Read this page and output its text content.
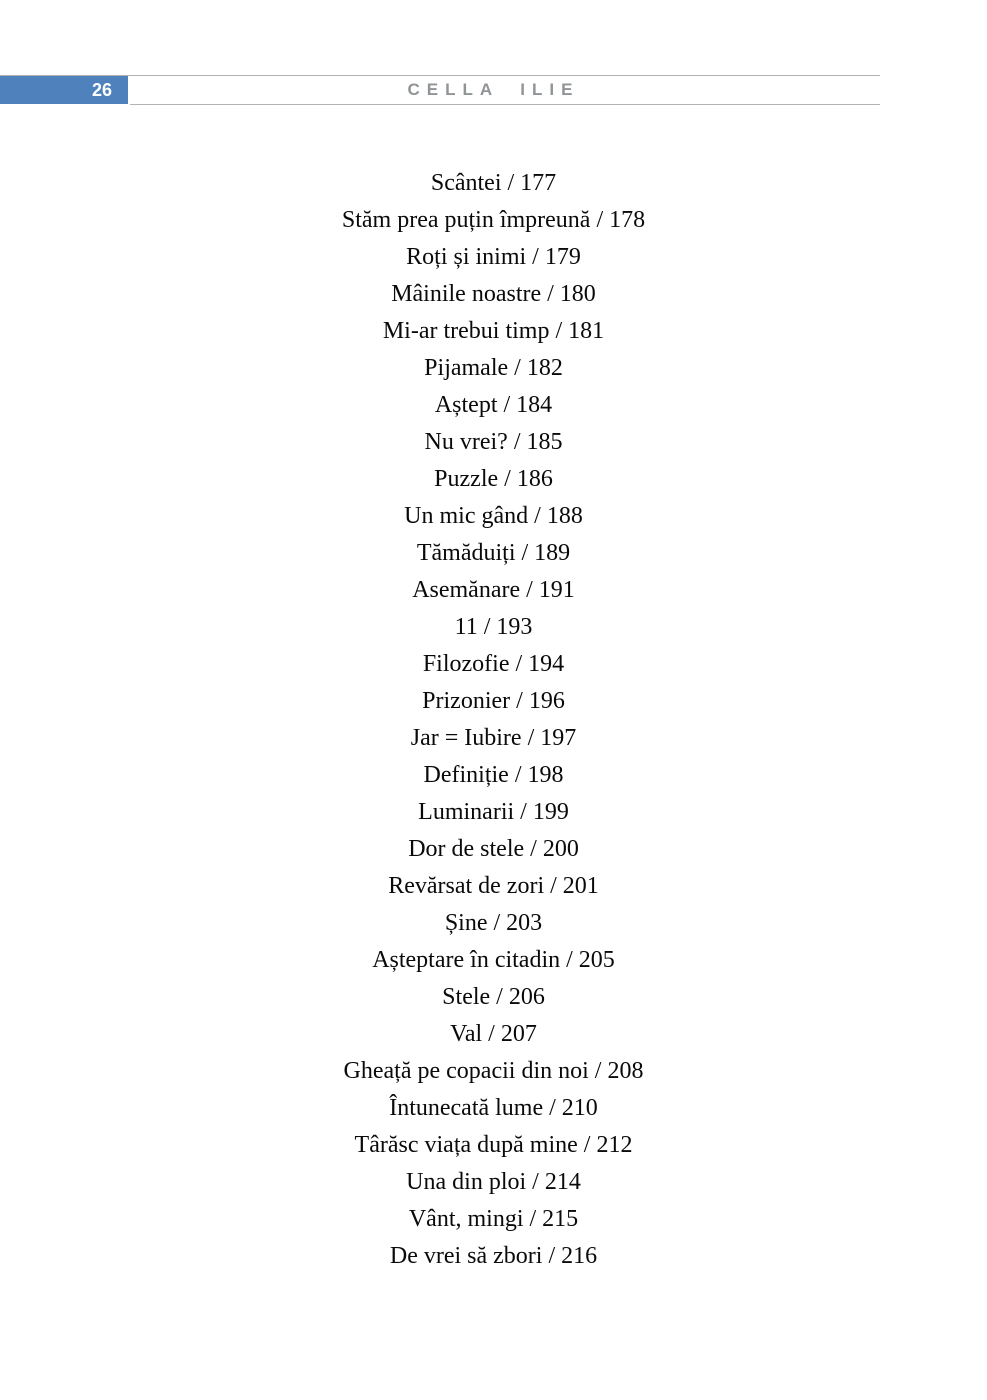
26	CELLA ILIE
Scântei / 177
Stăm prea puțin împreună / 178
Roți și inimi / 179
Mâinile noastre / 180
Mi-ar trebui timp / 181
Pijamale / 182
Aștept / 184
Nu vrei? / 185
Puzzle / 186
Un mic gând / 188
Tămăduiți / 189
Asemănare / 191
11 / 193
Filozofie / 194
Prizonier / 196
Jar = Iubire / 197
Definiție / 198
Luminarii / 199
Dor de stele / 200
Revărsat de zori / 201
Șine / 203
Așteptare în citadin / 205
Stele / 206
Val / 207
Gheață pe copacii din noi / 208
Întunecată lume / 210
Târăsc viața după mine / 212
Una din ploi / 214
Vânt, mingi / 215
De vrei să zbori / 216
